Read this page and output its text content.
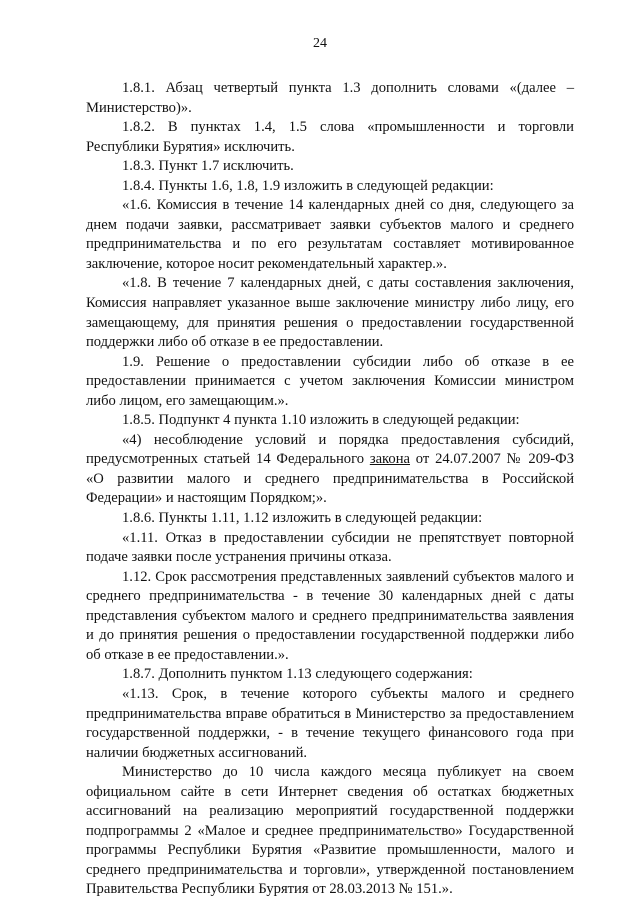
24

1.8.1. Абзац четвертый пункта 1.3 дополнить словами «(далее – Министерство)».

1.8.2. В пунктах 1.4, 1.5 слова «промышленности и торговли Республики Бурятия» исключить.

1.8.3. Пункт 1.7 исключить.

1.8.4. Пункты 1.6, 1.8, 1.9 изложить в следующей редакции:

«1.6. Комиссия в течение 14 календарных дней со дня, следующего за днем подачи заявки, рассматривает заявки субъектов малого и среднего предпринимательства и по его результатам составляет мотивированное заключение, которое носит рекомендательный характер.».

«1.8. В течение 7 календарных дней, с даты составления заключения, Комиссия направляет указанное выше заключение министру либо лицу, его замещающему, для принятия решения о предоставлении государственной поддержки либо об отказе в ее предоставлении.

1.9. Решение о предоставлении субсидии либо об отказе в ее предоставлении принимается с учетом заключения Комиссии министром либо лицом, его замещающим.».

1.8.5. Подпункт 4 пункта 1.10 изложить в следующей редакции:

«4) несоблюдение условий и порядка предоставления субсидий, предусмотренных статьей 14 Федерального закона от 24.07.2007 № 209-ФЗ «О развитии малого и среднего предпринимательства в Российской Федерации» и настоящим Порядком;».

1.8.6. Пункты 1.11, 1.12 изложить в следующей редакции:

«1.11. Отказ в предоставлении субсидии не препятствует повторной подаче заявки после устранения причины отказа.

1.12. Срок рассмотрения представленных заявлений субъектов малого и среднего предпринимательства - в течение 30 календарных дней с даты представления субъектом малого и среднего предпринимательства заявления и до принятия решения о предоставлении государственной поддержки либо об отказе в ее предоставлении.».

1.8.7. Дополнить пунктом 1.13 следующего содержания:

«1.13. Срок, в течение которого субъекты малого и среднего предпринимательства вправе обратиться в Министерство за предоставлением государственной поддержки, - в течение текущего финансового года при наличии бюджетных ассигнований.

Министерство до 10 числа каждого месяца публикует на своем официальном сайте в сети Интернет сведения об остатках бюджетных ассигнований на реализацию мероприятий государственной поддержки подпрограммы 2 «Малое и среднее предпринимательство» Государственной программы Республики Бурятия «Развитие промышленности, малого и среднего предпринимательства и торговли», утвержденной постановлением Правительства Республики Бурятия от 28.03.2013 № 151.».
